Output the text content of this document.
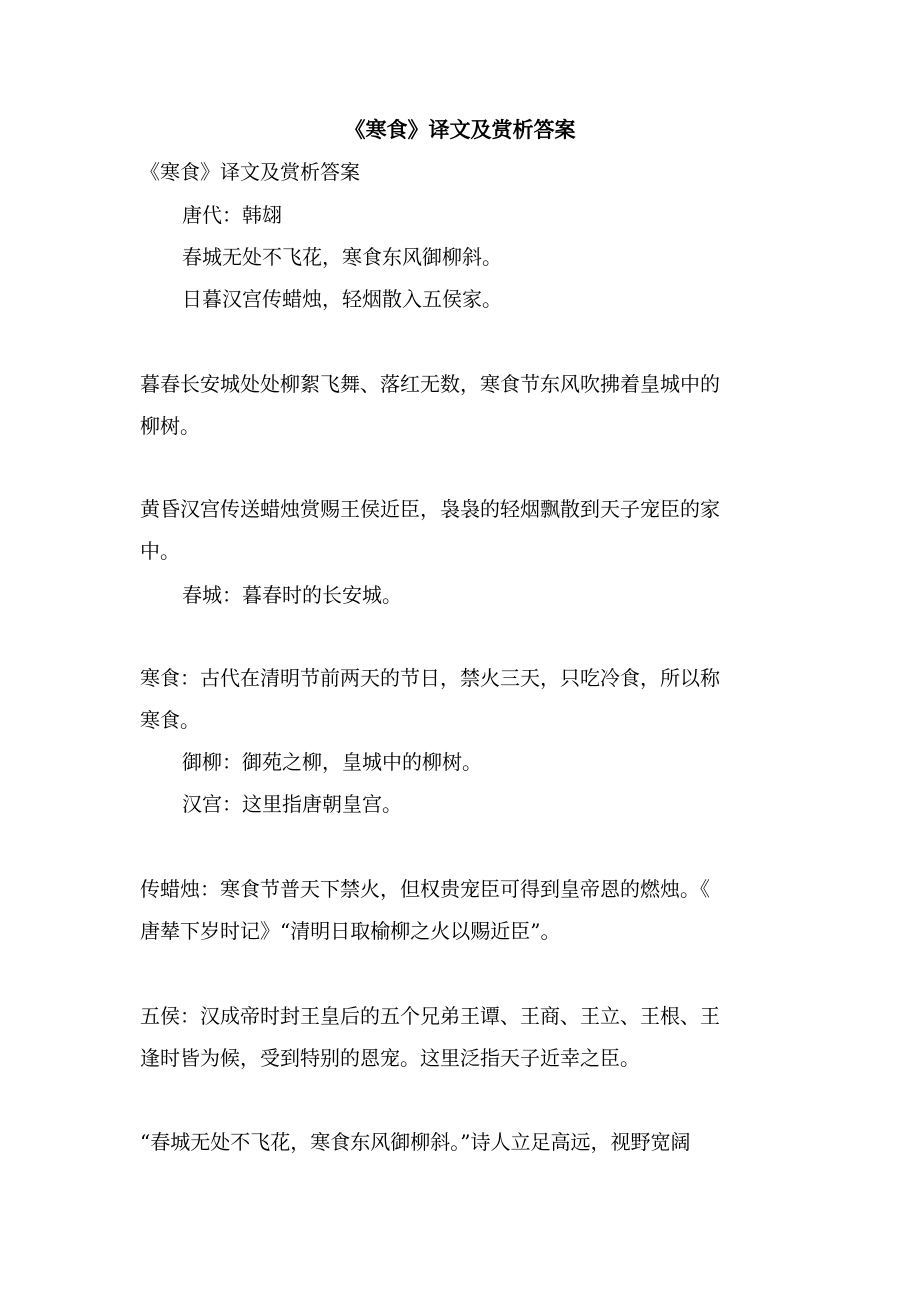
《寒食》译文及赏析答案
《寒食》译文及赏析答案
唐代：韩翃
春城无处不飞花，寒食东风御柳斜。
日暮汉宫传蜡烛，轻烟散入五侯家。
暮春长安城处处柳絮飞舞、落红无数，寒食节东风吹拂着皇城中的
柳树。
黄昏汉宫传送蜡烛赏赐王侯近臣，袅袅的轻烟飘散到天子宠臣的家
中。
春城：暮春时的长安城。
寒食：古代在清明节前两天的节日，禁火三天，只吃冷食，所以称
寒食。
御柳：御苑之柳，皇城中的柳树。
汉宫：这里指唐朝皇宫。
传蜡烛：寒食节普天下禁火，但权贵宠臣可得到皇帝恩的燃烛。《
唐辇下岁时记》“清明日取榆柳之火以赐近臣”。
五侯：汉成帝时封王皇后的五个兄弟王谭、王商、王立、王根、王
逢时皆为候，受到特别的恩宠。这里泛指天子近幸之臣。
“春城无处不飞花，寒食东风御柳斜。”诗人立足高远，视野宽阔
